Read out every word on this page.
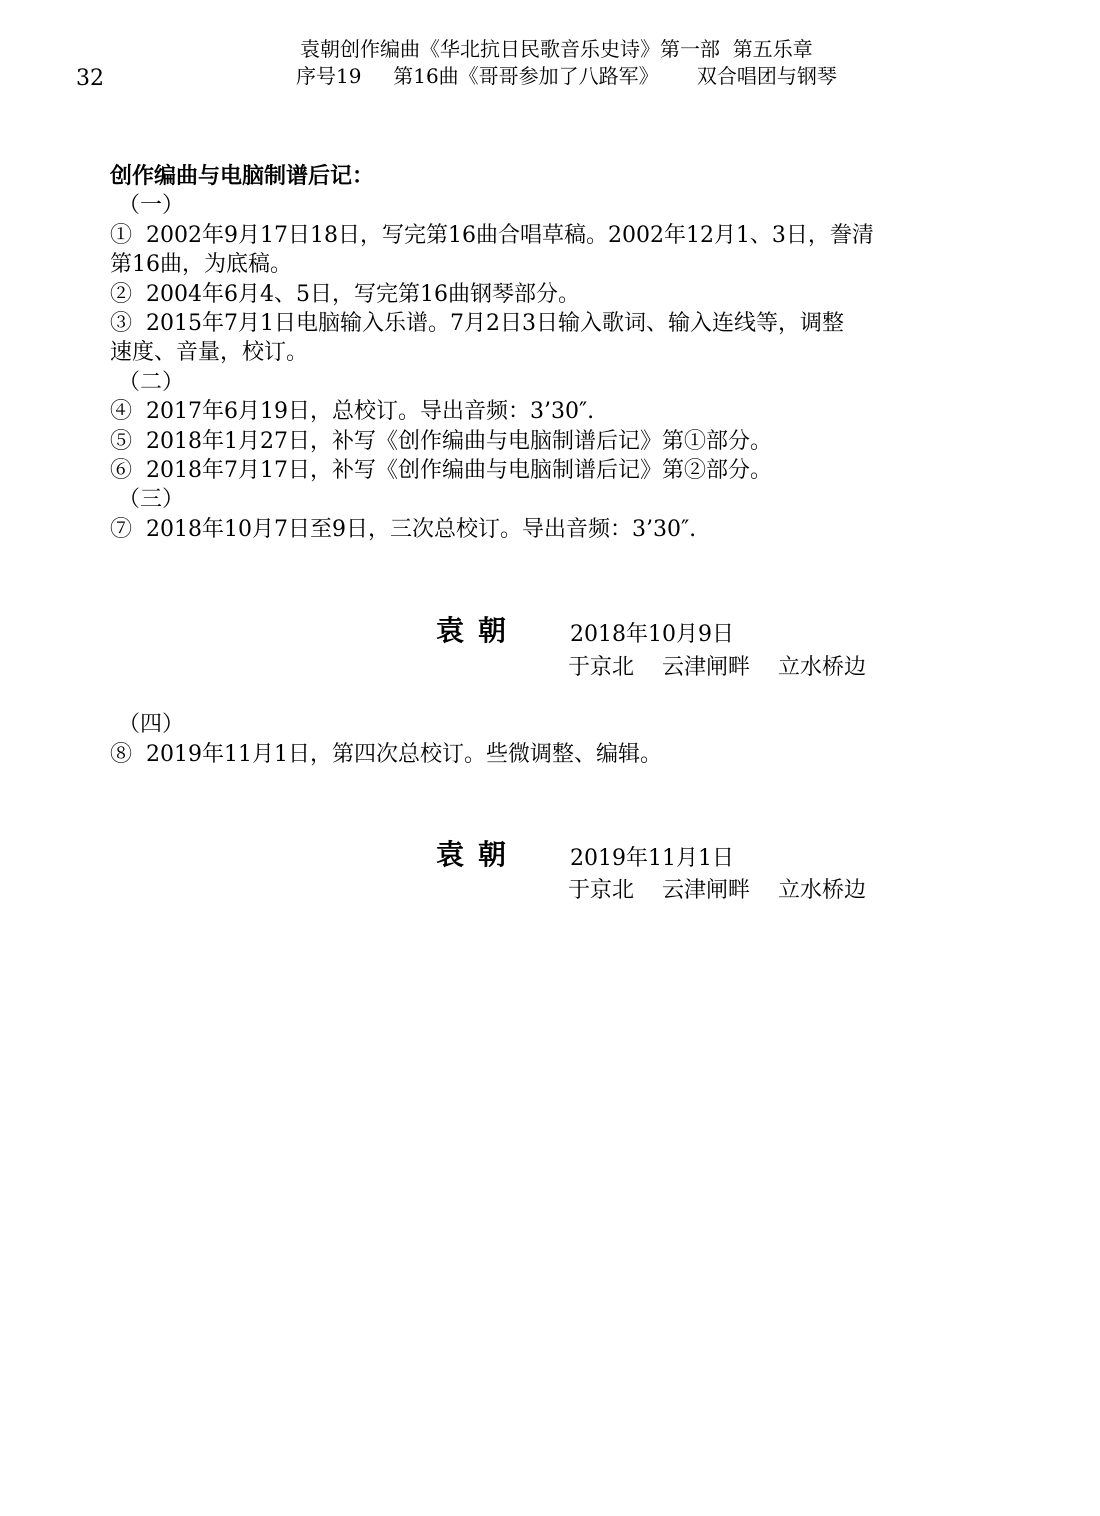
32
袁朝创作编曲《华北抗日民歌音乐史诗》第一部  第五乐章
序号19     第16曲《哥哥参加了八路军》      双合唱团与钢琴
创作编曲与电脑制谱后记：
（一）
①  2002年9月17日18日，写完第16曲合唱草稿。2002年12月1、3日，誊清
第16曲，为底稿。
②  2004年6月4、5日，写完第16曲钢琴部分。
③  2015年7月1日电脑输入乐谱。7月2日3日输入歌词、输入连线等，调整
速度、音量，校订。
（二）
④  2017年6月19日，总校订。导出音频：3’30″.
⑤  2018年1月27日，补写《创作编曲与电脑制谱后记》第①部分。
⑥  2018年7月17日，补写《创作编曲与电脑制谱后记》第②部分。
（三）
⑦  2018年10月7日至9日，三次总校订。导出音频：3’30″.
袁朝 2018年10月9日
于京北    云津闸畔    立水桥边
（四）
⑧  2019年11月1日，第四次总校订。些微调整、编辑。
袁朝 2019年11月1日
于京北    云津闸畔    立水桥边
